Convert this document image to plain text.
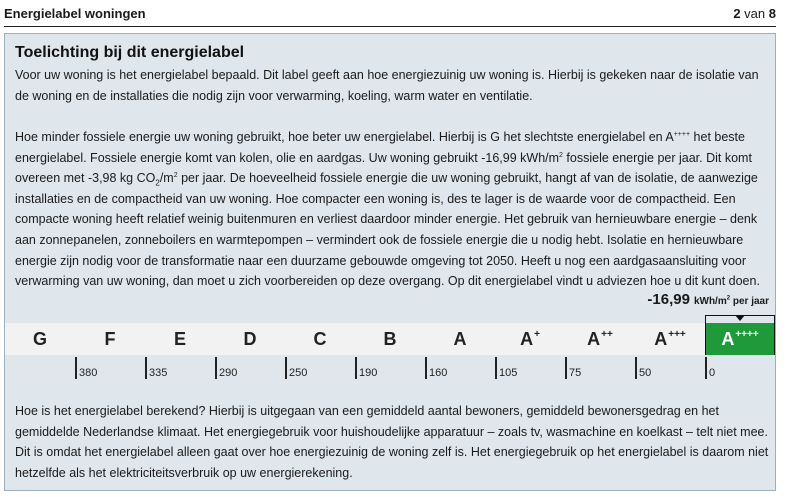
Energielabel woningen	2 van 8
Toelichting bij dit energielabel

Voor uw woning is het energielabel bepaald. Dit label geeft aan hoe energiezuinig uw woning is. Hierbij is gekeken naar de isolatie van de woning en de installaties die nodig zijn voor verwarming, koeling, warm water en ventilatie.

Hoe minder fossiele energie uw woning gebruikt, hoe beter uw energielabel. Hierbij is G het slechtste energielabel en A++++ het beste energielabel. Fossiele energie komt van kolen, olie en aardgas. Uw woning gebruikt -16,99 kWh/$m^2$ fossiele energie per jaar. Dit komt overeen met -3,98 kg $CO_2/m^2$ per jaar. De hoeveelheid fossiele energie die uw woning gebruikt, hangt af van de isolatie, de aanwezige installaties en de compactheid van uw woning. Hoe compacter een woning is, des te lager is de waarde voor de compactheid. Een compacte woning heeft relatief weinig buitenmuren en verliest daardoor minder energie. Het gebruik van hernieuwbare energie – denk aan zonnepanelen, zonneboilers en warmtepompen – vermindert ook de fossiele energie die u nodig hebt. Isolatie en hernieuwbare energie zijn nodig voor de transformatie naar een duurzame gebouwde omgeving tot 2050. Heeft u nog een aardgasaansluiting voor verwarming van uw woning, dan moet u zich voorbereiden op deze overgang. Op dit energielabel vindt u adviezen hoe u dit kunt doen.

-16,99 kWh/$m^2$ per jaar
G	F	E	D	C	B	A	A+	A++	A+++	A++++
380	335	290	250	190	160	105	75	50	0

Hoe is het energielabel berekend? Hierbij is uitgegaan van een gemiddeld aantal bewoners, gemiddeld bewonersgedrag en het gemiddelde Nederlandse klimaat. Het energiegebruik voor huishoudelijke apparatuur – zoals tv, wasmachine en koelkast – telt niet mee. Dit is omdat het energielabel alleen gaat over hoe energiezuinig de woning zelf is. Het energiegebruik op het energielabel is daarom niet hetzelfde als het elektriciteitsverbruik op uw energierekening.
